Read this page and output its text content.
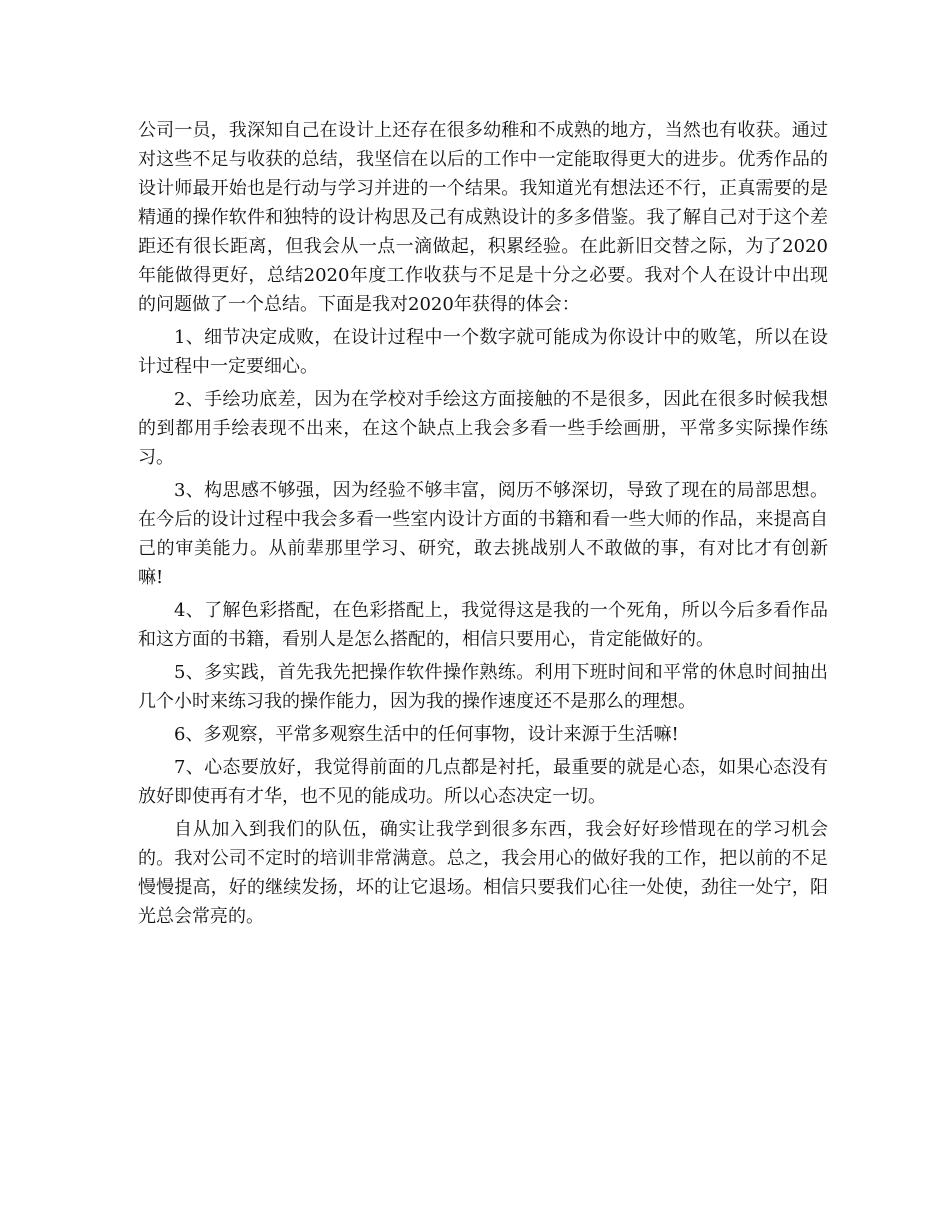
公司一员，我深知自己在设计上还存在很多幼稚和不成熟的地方，当然也有收获。通过对这些不足与收获的总结，我坚信在以后的工作中一定能取得更大的进步。优秀作品的设计师最开始也是行动与学习并进的一个结果。我知道光有想法还不行，正真需要的是精通的操作软件和独特的设计构思及己有成熟设计的多多借鉴。我了解自己对于这个差距还有很长距离，但我会从一点一滴做起，积累经验。在此新旧交替之际，为了2020年能做得更好，总结2020年度工作收获与不足是十分之必要。我对个人在设计中出现的问题做了一个总结。下面是我对2020年获得的体会：

1、细节决定成败，在设计过程中一个数字就可能成为你设计中的败笔，所以在设计过程中一定要细心。

2、手绘功底差，因为在学校对手绘这方面接触的不是很多，因此在很多时候我想的到都用手绘表现不出来，在这个缺点上我会多看一些手绘画册，平常多实际操作练习。

3、构思感不够强，因为经验不够丰富，阅历不够深切，导致了现在的局部思想。在今后的设计过程中我会多看一些室内设计方面的书籍和看一些大师的作品，来提高自己的审美能力。从前辈那里学习、研究，敢去挑战别人不敢做的事，有对比才有创新嘛!

4、了解色彩搭配，在色彩搭配上，我觉得这是我的一个死角，所以今后多看作品和这方面的书籍，看别人是怎么搭配的，相信只要用心，肯定能做好的。

5、多实践，首先我先把操作软件操作熟练。利用下班时间和平常的休息时间抽出几个小时来练习我的操作能力，因为我的操作速度还不是那么的理想。

6、多观察，平常多观察生活中的任何事物，设计来源于生活嘛!

7、心态要放好，我觉得前面的几点都是衬托，最重要的就是心态，如果心态没有放好即使再有才华，也不见的能成功。所以心态决定一切。

自从加入到我们的队伍，确实让我学到很多东西，我会好好珍惜现在的学习机会的。我对公司不定时的培训非常满意。总之，我会用心的做好我的工作，把以前的不足慢慢提高，好的继续发扬，坏的让它退场。相信只要我们心往一处使，劲往一处宁，阳光总会常亮的。
